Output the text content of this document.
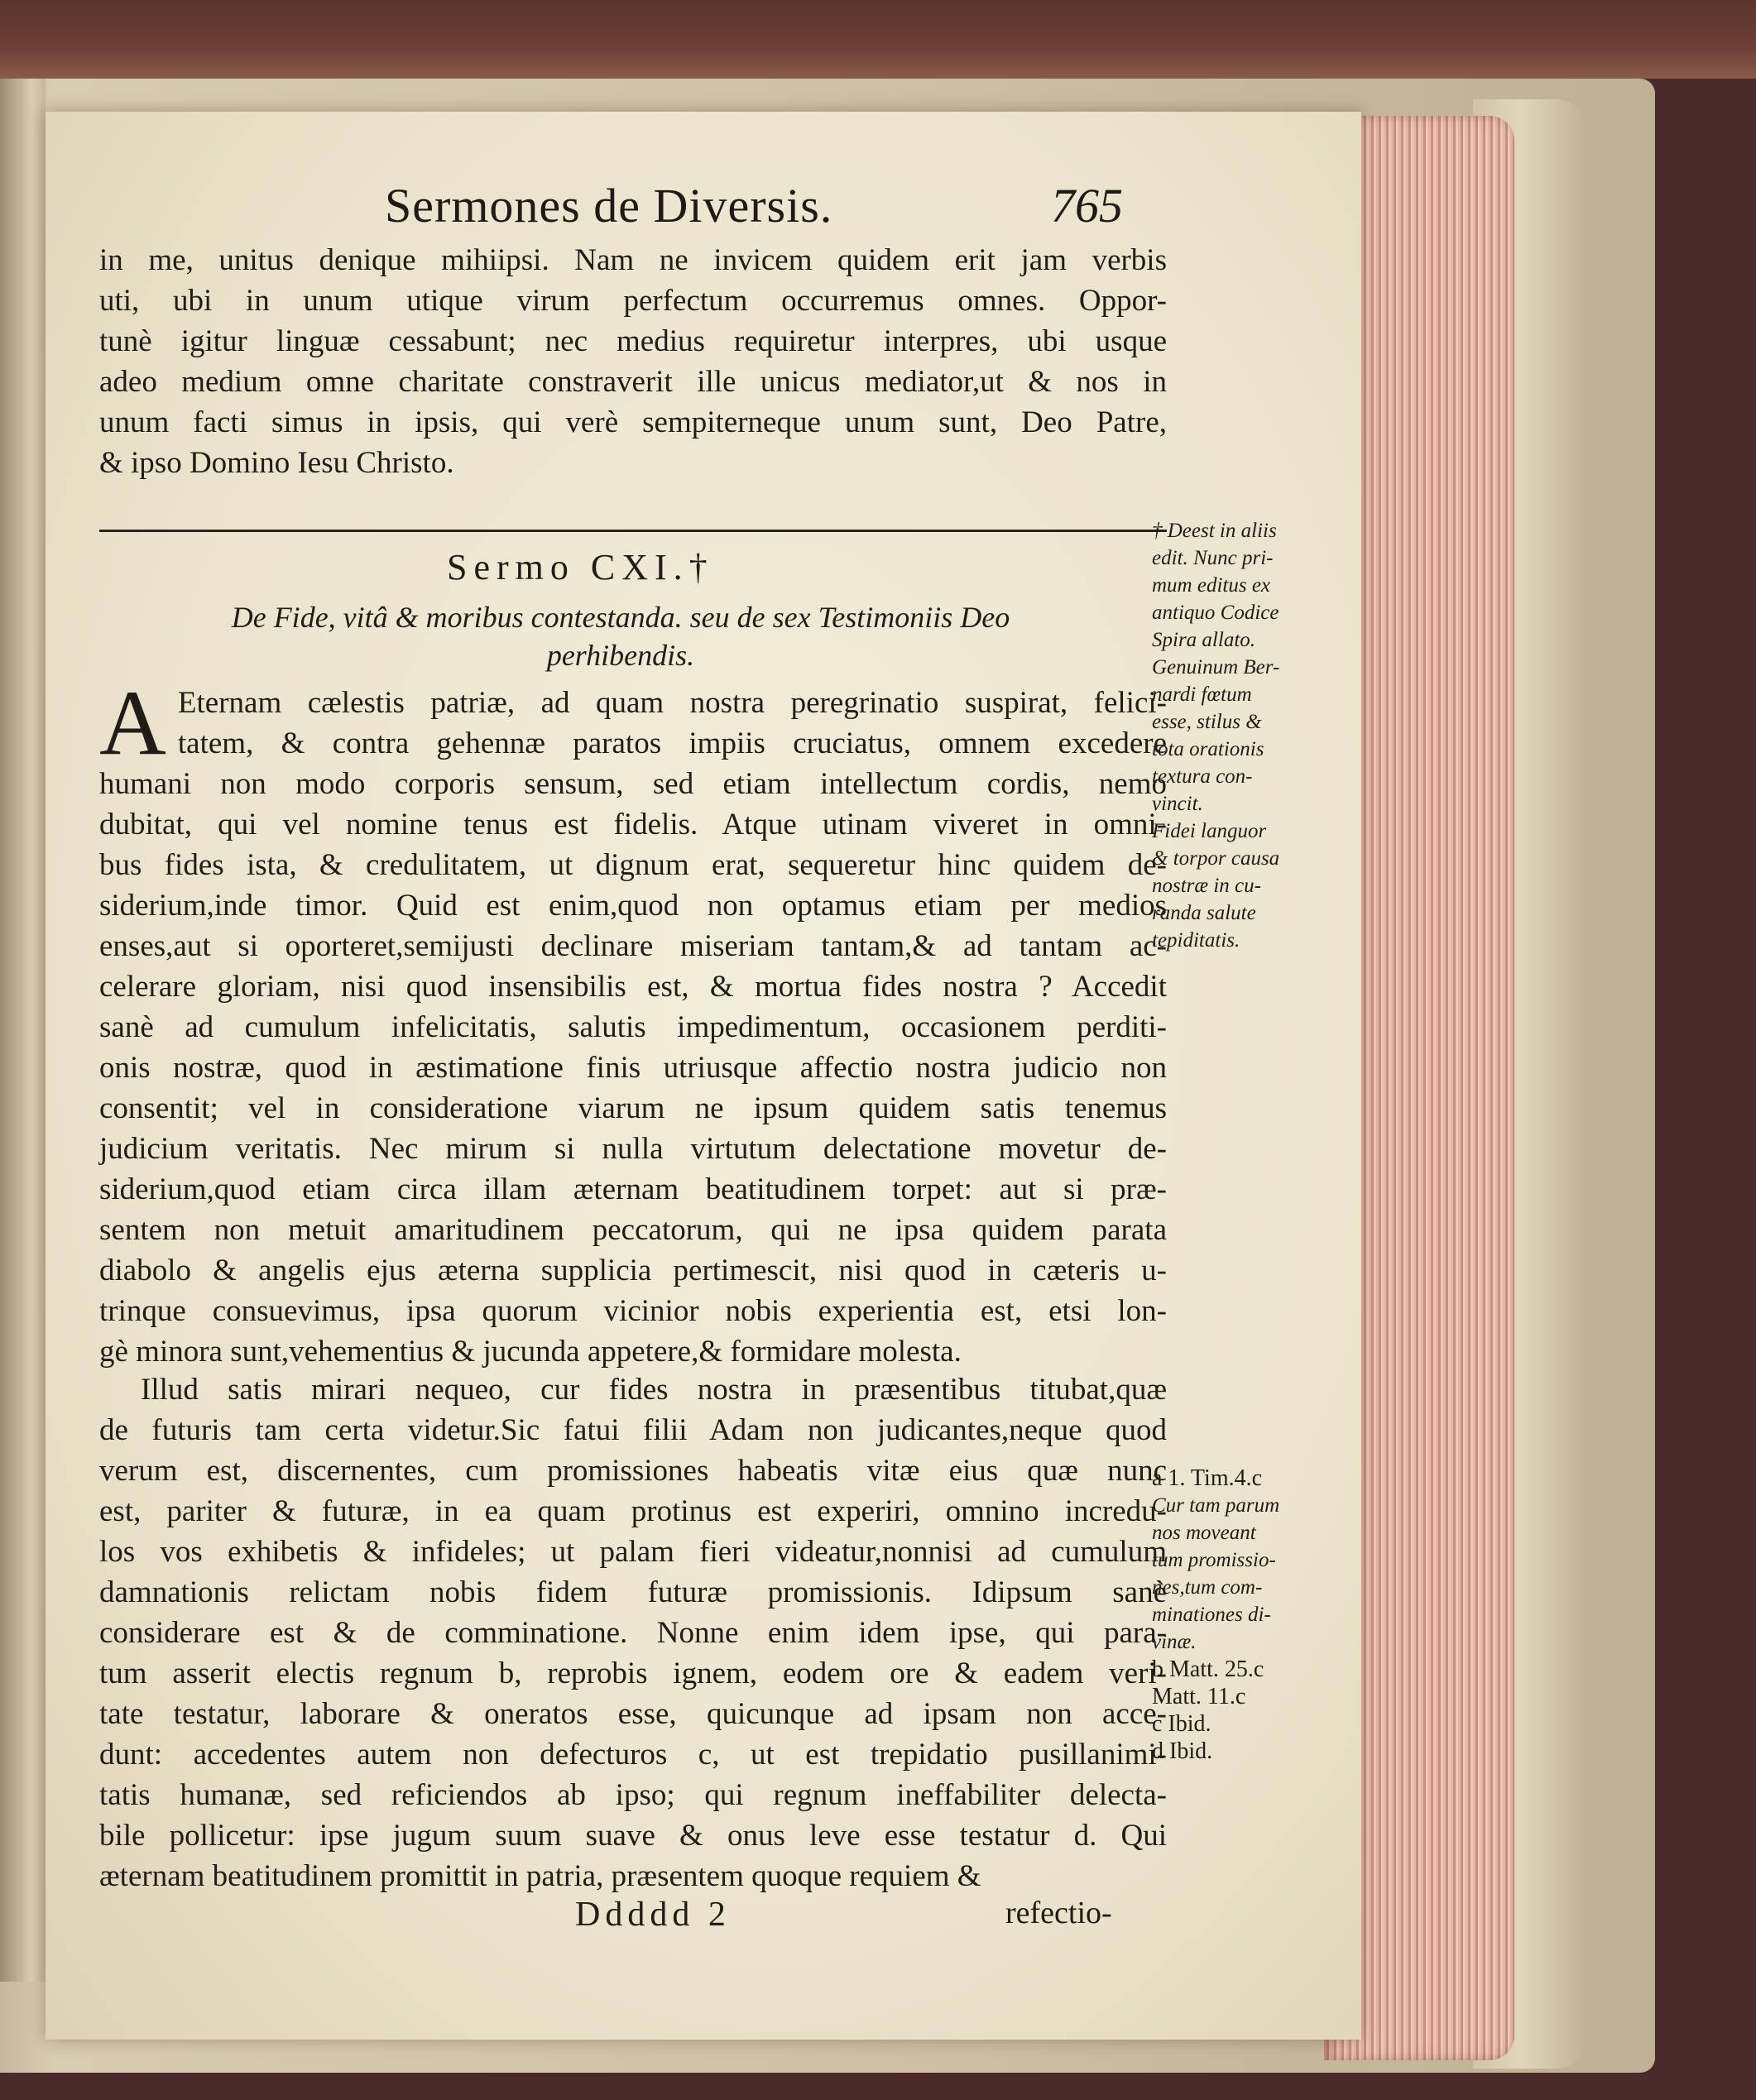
Sermones de Diversis.	765
in me, unitus denique mihiipsi. Nam ne invicem quidem erit jam verbis
uti, ubi in unum utique virum perfectum occurremus omnes. Oppor-
tunè igitur linguæ cessabunt; nec medius requiretur interpres, ubi usque
adeo medium omne charitate constraverit ille unicus mediator,ut & nos in
unum facti simus in ipsis, qui verè sempiterneque unum sunt, Deo Patre,
& ipso Domino Iesu Christo.
Sermo CXI.†
De Fide, vitâ & moribus contestanda. seu de sex Testimoniis Deo
perhibendis.
A Eternam cælestis patriæ, ad quam nostra peregrinatio suspirat, felici-
tatem, & contra gehennæ paratos impiis cruciatus, omnem excedere
humani non modo corporis sensum, sed etiam intellectum cordis, nemo
dubitat, qui vel nomine tenus est fidelis. Atque utinam viveret in omni-
bus fides ista, & credulitatem, ut dignum erat, sequeretur hinc quidem de-
siderium,inde timor. Quid est enim,quod non optamus etiam per medios
enses,aut si oporteret,semijusti declinare miseriam tantam,& ad tantam ac-
celerare gloriam, nisi quod insensibilis est, & mortua fides nostra ? Accedit
sanè ad cumulum infelicitatis, salutis impedimentum, occasionem perditi-
onis nostræ, quod in æstimatione finis utriusque affectio nostra judicio non
consentit; vel in consideratione viarum ne ipsum quidem satis tenemus
judicium veritatis. Nec mirum si nulla virtutum delectatione movetur de-
siderium,quod etiam circa illam æternam beatitudinem torpet: aut si præ-
sentem non metuit amaritudinem peccatorum, qui ne ipsa quidem parata
diabolo & angelis ejus æterna supplicia pertimescit, nisi quod in cæteris u-
trinque consuevimus, ipsa quorum vicinior nobis experientia est, etsi lon-
gè minora sunt,vehementius & jucunda appetere,& formidare molesta.
Illud satis mirari nequeo, cur fides nostra in præsentibus titubat,quæ
de futuris tam certa videtur.Sic fatui filii Adam non judicantes,neque quod
verum est, discernentes, cum promissiones habeatis vitæ eius quæ nunc
est, pariter & futuræ, in ea quam protinus est experiri, omnino incredu-
los vos exhibetis & infideles; ut palam fieri videatur,nonnisi ad cumulum
damnationis relictam nobis fidem futuræ promissionis. Idipsum sanè
considerare est & de comminatione. Nonne enim idem ipse, qui para-
tum asserit electis regnum b, reprobis ignem, eodem ore & eadem veri-
tate testatur, laborare & oneratos esse, quicunque ad ipsam non acce-
dunt: accedentes autem non defecturos c, ut est trepidatio pusillanimi-
tatis humanæ, sed reficiendos ab ipso; qui regnum ineffabiliter delecta-
bile pollicetur: ipse jugum suum suave & onus leve esse testatur d. Qui
æternam beatitudinem promittit in patria, præsentem quoque requiem &
† Deest in aliis
edit. Nunc pri-
mum editus ex
antiquo Codice
Spira allato.
Genuinum Ber-
nardi fœtum
esse, stilus &
tota orationis
textura con-
vincit.
Fidei languor
& torpor causa
nostræ in cu-
randa salute
tepiditatis.
a 1. Tim.4.c
Cur tam parum
nos moveant
tum promissio-
nes,tum com-
minationes di-
vinæ.
b Matt. 25.c
Matt. 11.c
c Ibid.
d Ibid.
Ddddd 2	refectio-
